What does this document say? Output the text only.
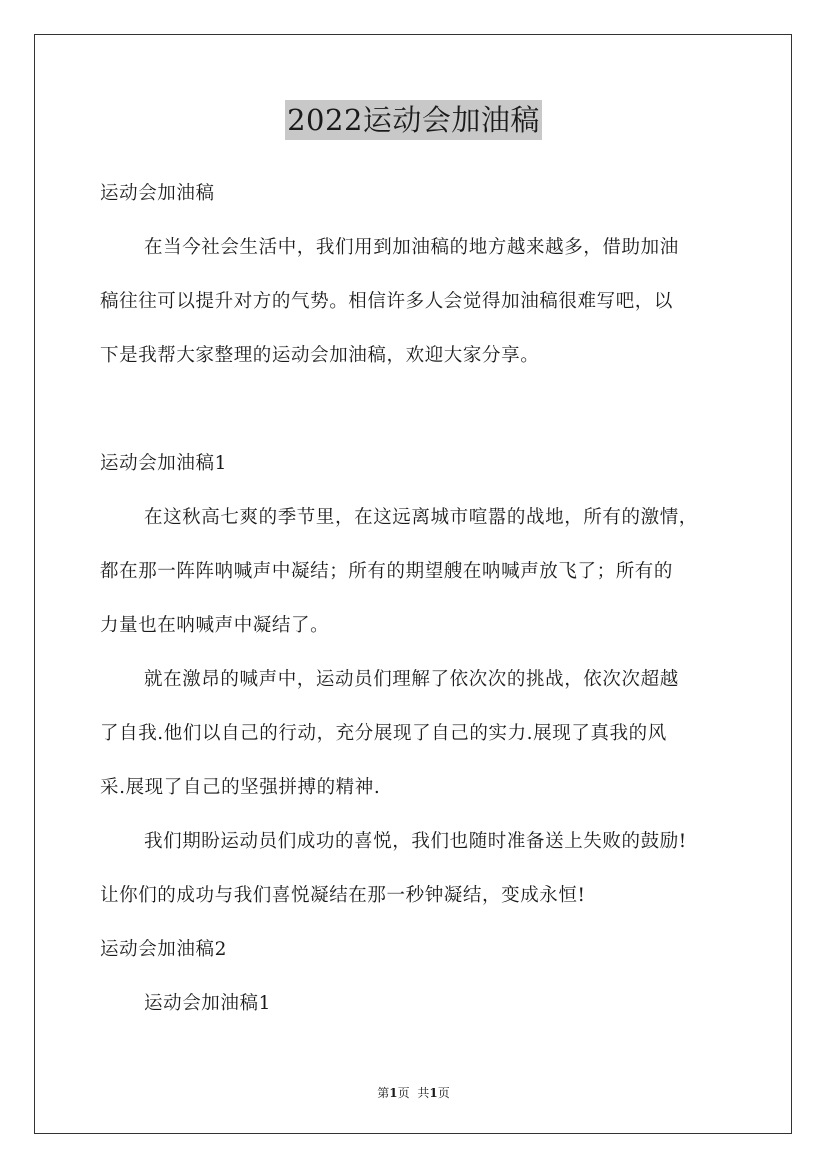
2022运动会加油稿
运动会加油稿
在当今社会生活中，我们用到加油稿的地方越来越多，借助加油
稿往往可以提升对方的气势。相信许多人会觉得加油稿很难写吧，以
下是我帮大家整理的运动会加油稿，欢迎大家分享。
运动会加油稿1
在这秋高七爽的季节里，在这远离城市喧嚣的战地，所有的激情，
都在那一阵阵呐喊声中凝结；所有的期望艘在呐喊声放飞了；所有的
力量也在呐喊声中凝结了。
就在激昂的喊声中，运动员们理解了依次次的挑战，依次次超越
了自我.他们以自己的行动，充分展现了自己的实力.展现了真我的风
采.展现了自己的坚强拼搏的精神.
我们期盼运动员们成功的喜悦，我们也随时准备送上失败的鼓励!
让你们的成功与我们喜悦凝结在那一秒钟凝结，变成永恒!
运动会加油稿2
运动会加油稿1
第1页 共1页
